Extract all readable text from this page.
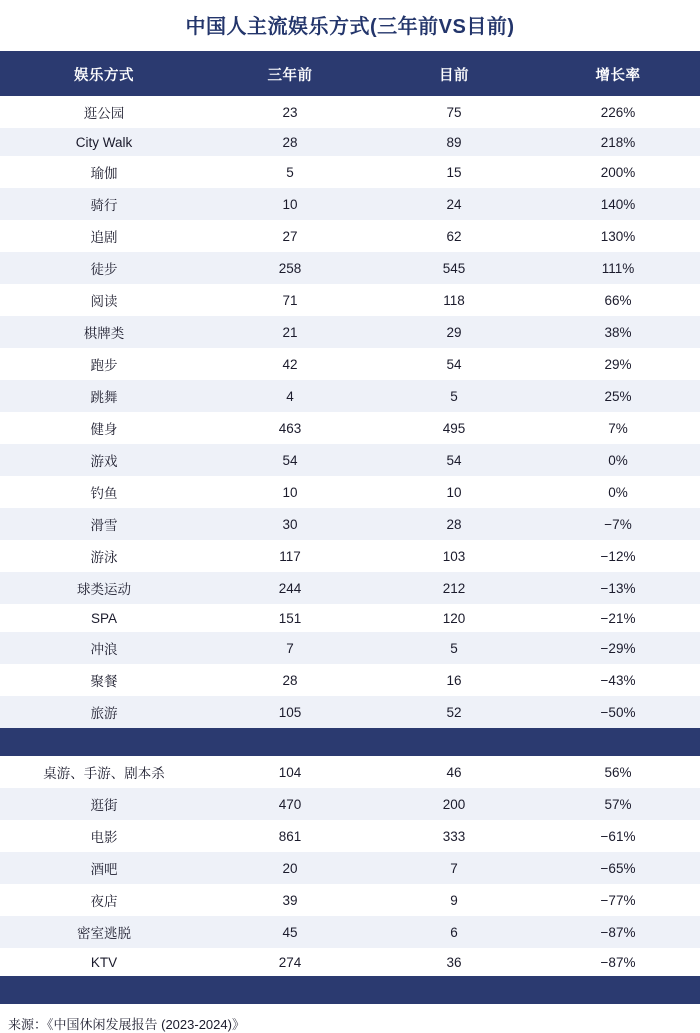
中国人主流娱乐方式(三年前VS目前)
娱乐方式	三年前	目前	增长率
逛公园	23	75	226%
City Walk	28	89	218%
瑜伽	5	15	200%
骑行	10	24	140%
追剧	27	62	130%
徒步	258	545	111%
阅读	71	118	66%
棋牌类	21	29	38%
跑步	42	54	29%
跳舞	4	5	25%
健身	463	495	7%
游戏	54	54	0%
钓鱼	10	10	0%
滑雪	30	28	−7%
游泳	117	103	−12%
球类运动	244	212	−13%
SPA	151	120	−21%
冲浪	7	5	−29%
聚餐	28	16	−43%
旅游	105	52	−50%

桌游、手游、剧本杀	104	46	56%
逛街	470	200	57%
电影	861	333	−61%
酒吧	20	7	−65%
夜店	39	9	−77%
密室逃脱	45	6	−87%
KTV	274	36	−87%

来源：《中国休闲发展报告 (2023-2024)》
